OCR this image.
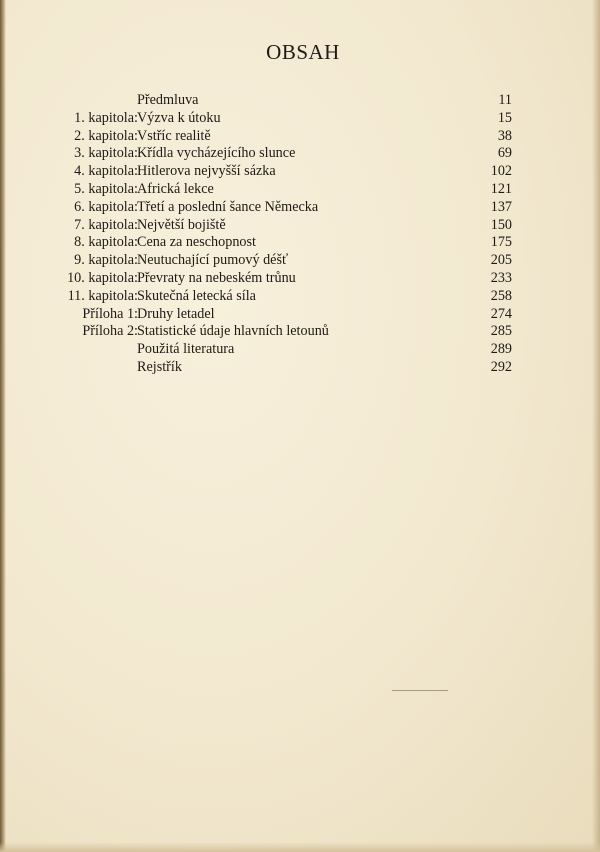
OBSAH
Předmluva	11
1. kapitola: Výzva k útoku	15
2. kapitola: Vstříc realitě	38
3. kapitola: Křídla vycházejícího slunce	69
4. kapitola: Hitlerova nejvyšší sázka	102
5. kapitola: Africká lekce	121
6. kapitola: Třetí a poslední šance Německa	137
7. kapitola: Největší bojiště	150
8. kapitola: Cena za neschopnost	175
9. kapitola: Neutuchající pumový déšť	205
10. kapitola: Převraty na nebeském trůnu	233
11. kapitola: Skutečná letecká síla	258
Příloha 1: Druhy letadel	274
Příloha 2: Statistické údaje hlavních letounů	285
Použitá literatura	289
Rejstřík	292
